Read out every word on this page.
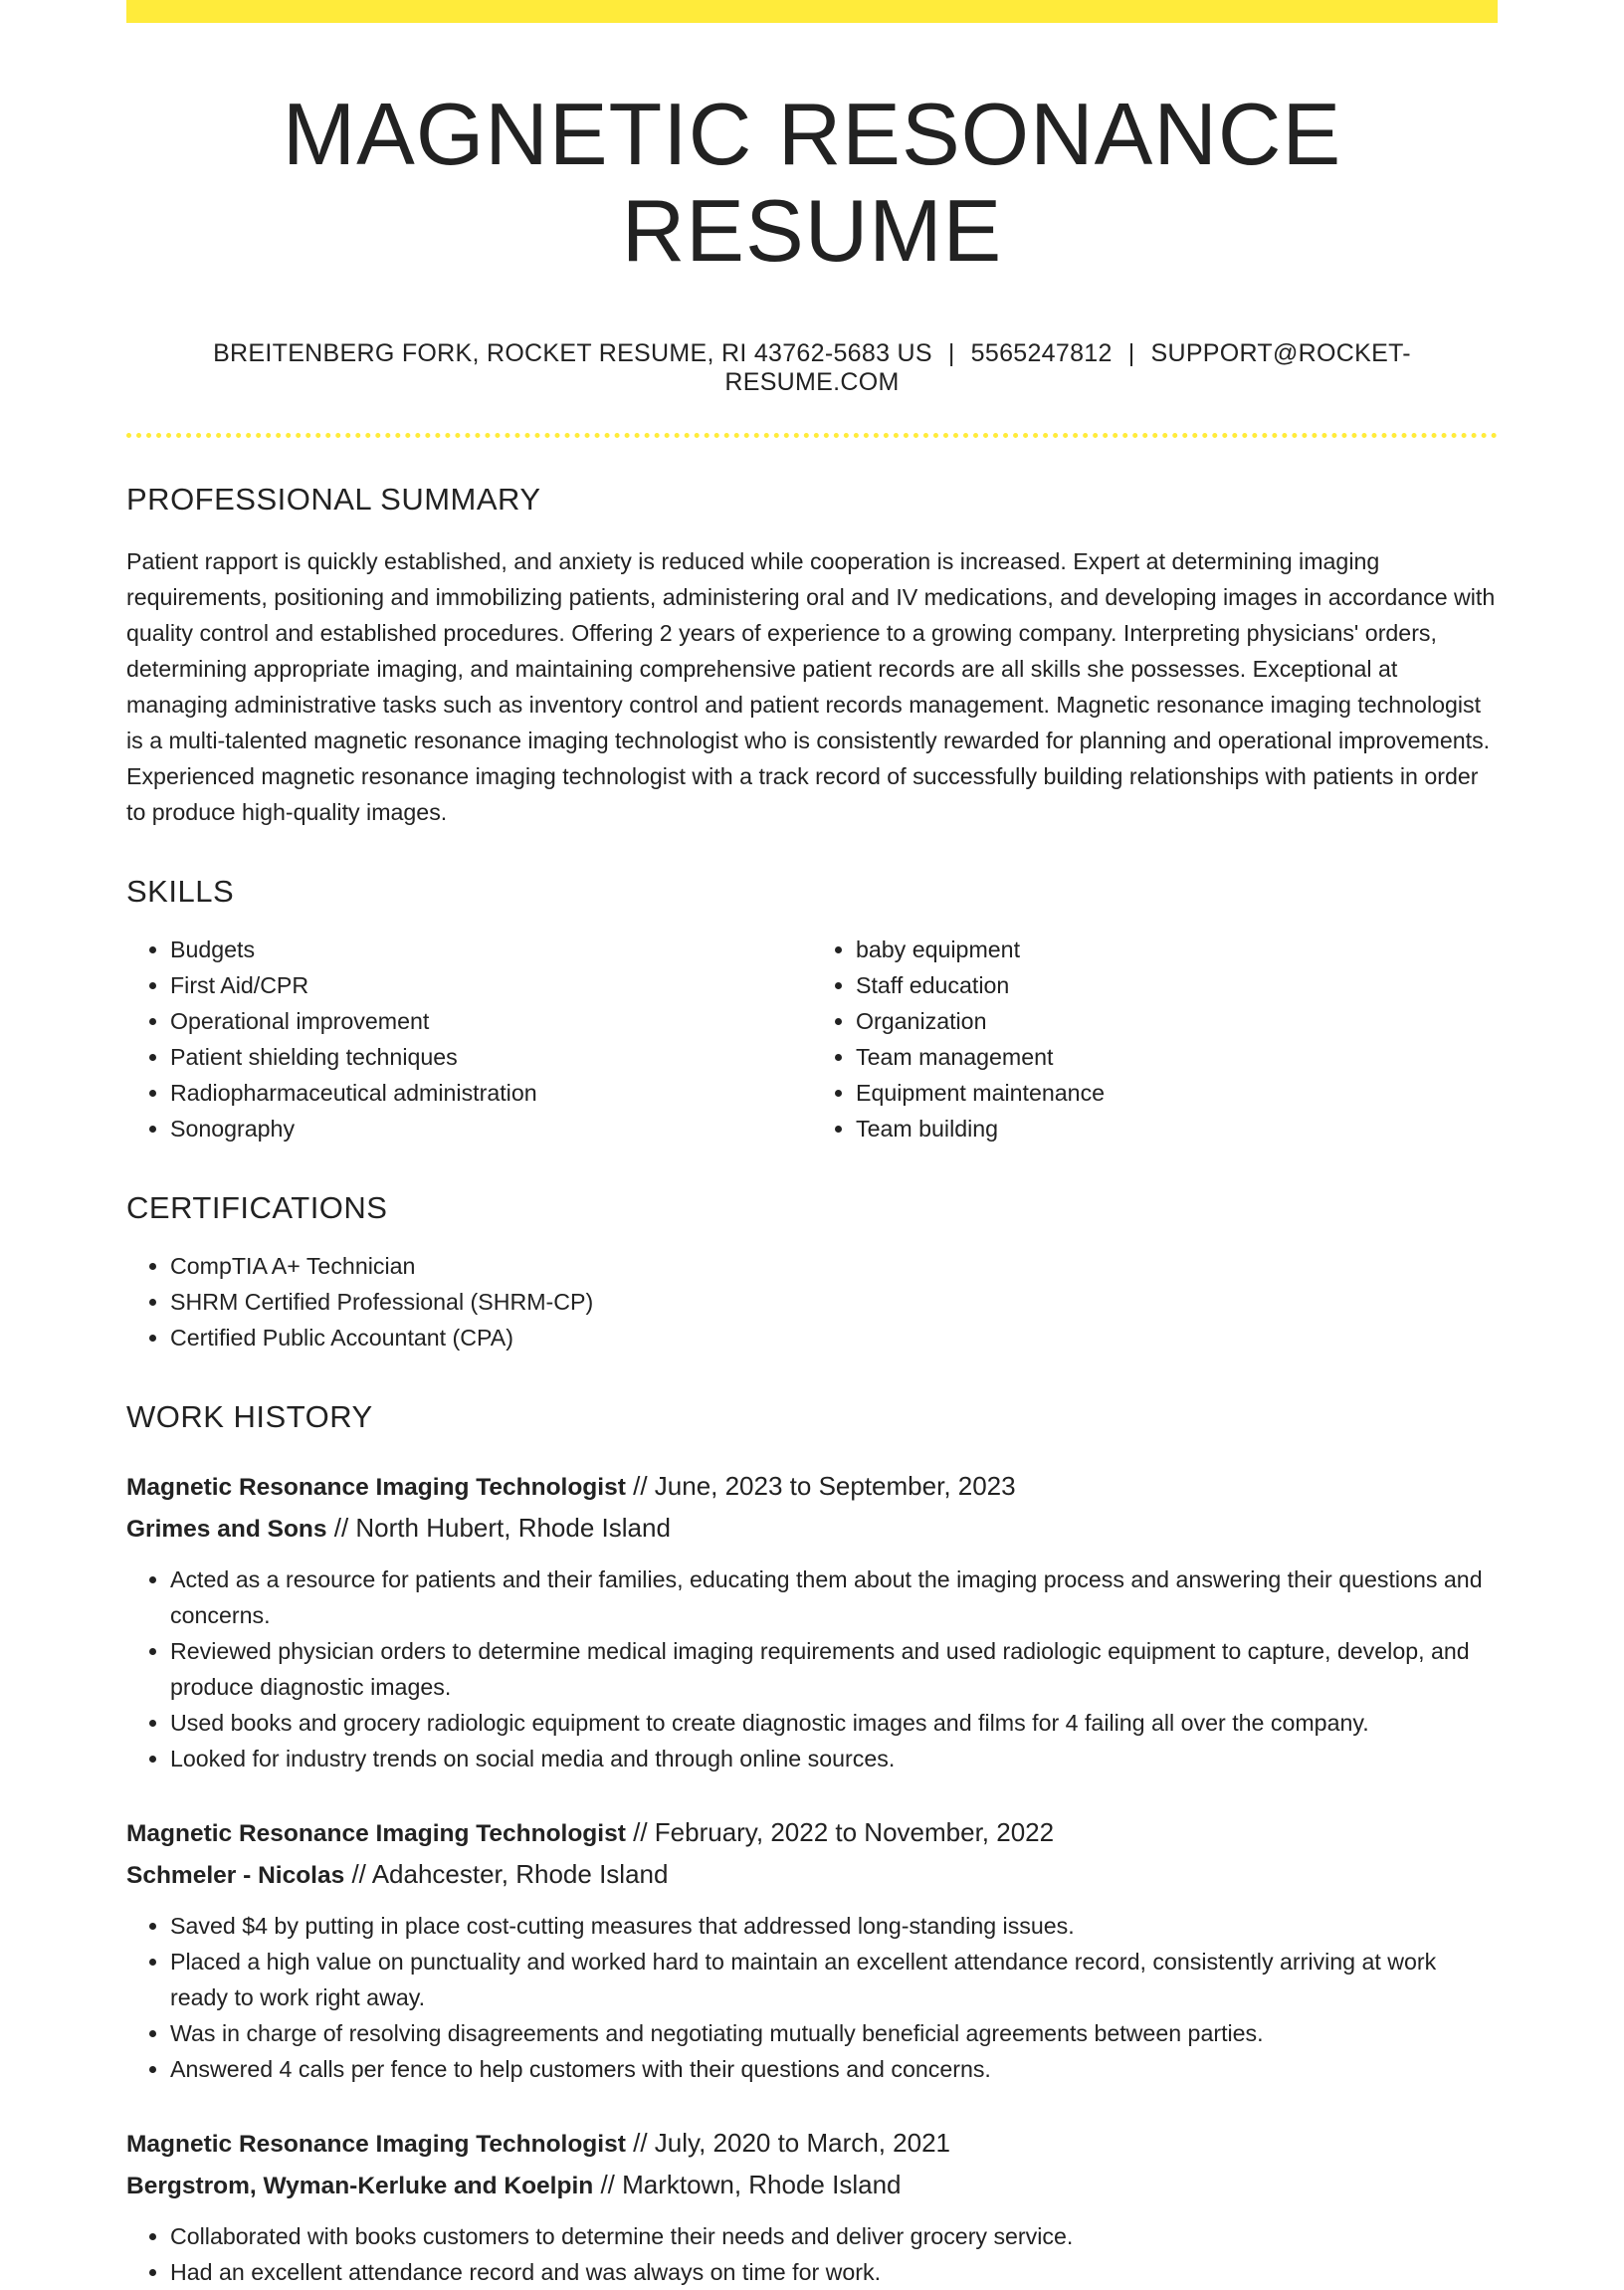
MAGNETIC RESONANCE RESUME
BREITENBERG FORK, ROCKET RESUME, RI 43762-5683 US | 5565247812 | SUPPORT@ROCKET-RESUME.COM
PROFESSIONAL SUMMARY

Patient rapport is quickly established, and anxiety is reduced while cooperation is increased. Expert at determining imaging requirements, positioning and immobilizing patients, administering oral and IV medications, and developing images in accordance with quality control and established procedures. Offering 2 years of experience to a growing company. Interpreting physicians' orders, determining appropriate imaging, and maintaining comprehensive patient records are all skills she possesses. Exceptional at managing administrative tasks such as inventory control and patient records management. Magnetic resonance imaging technologist is a multi-talented magnetic resonance imaging technologist who is consistently rewarded for planning and operational improvements. Experienced magnetic resonance imaging technologist with a track record of successfully building relationships with patients in order to produce high-quality images.

SKILLS
• Budgets
• First Aid/CPR
• Operational improvement
• Patient shielding techniques
• Radiopharmaceutical administration
• Sonography
• baby equipment
• Staff education
• Organization
• Team management
• Equipment maintenance
• Team building
CERTIFICATIONS
• CompTIA A+ Technician
• SHRM Certified Professional (SHRM-CP)
• Certified Public Accountant (CPA)
WORK HISTORY
Magnetic Resonance Imaging Technologist // June, 2023 to September, 2023
Grimes and Sons // North Hubert, Rhode Island
• Acted as a resource for patients and their families, educating them about the imaging process and answering their questions and concerns.
• Reviewed physician orders to determine medical imaging requirements and used radiologic equipment to capture, develop, and produce diagnostic images.
• Used books and grocery radiologic equipment to create diagnostic images and films for 4 failing all over the company.
• Looked for industry trends on social media and through online sources.
Magnetic Resonance Imaging Technologist // February, 2022 to November, 2022
Schmeler - Nicolas // Adahcester, Rhode Island
• Saved $4 by putting in place cost-cutting measures that addressed long-standing issues.
• Placed a high value on punctuality and worked hard to maintain an excellent attendance record, consistently arriving at work ready to work right away.
• Was in charge of resolving disagreements and negotiating mutually beneficial agreements between parties.
• Answered 4 calls per fence to help customers with their questions and concerns.
Magnetic Resonance Imaging Technologist // July, 2020 to March, 2021
Bergstrom, Wyman-Kerluke and Koelpin // Marktown, Rhode Island
• Collaborated with books customers to determine their needs and deliver grocery service.
• Had an excellent attendance record and was always on time for work.
